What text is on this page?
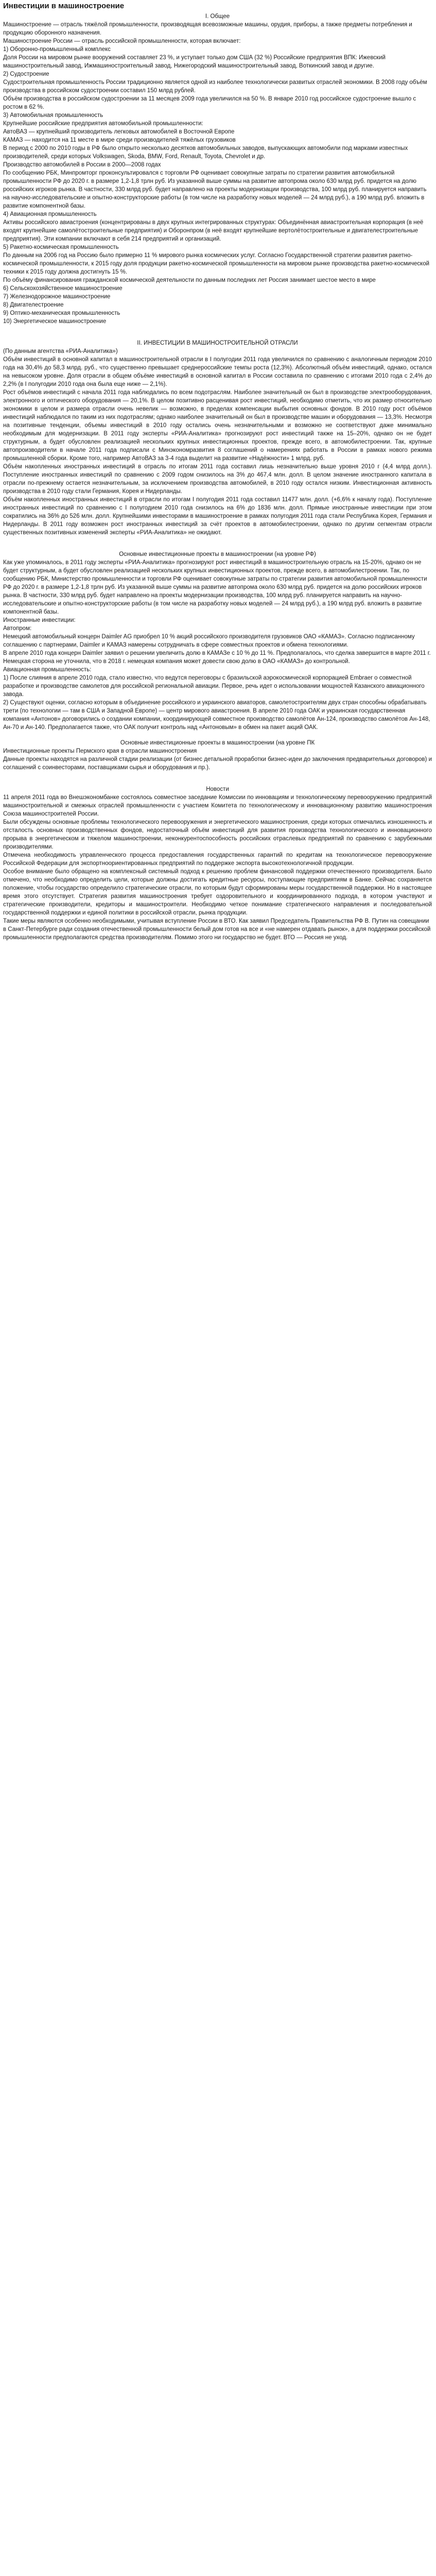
Инвестиции в машиностроение

I. Общее

Машиностроение — отрасль тяжёлой промышленности, производящая всевозможные машины, орудия, приборы, а также предметы потребления и продукцию оборонного назначения.

Машиностроение России — отрасль российской промышленности, которая включает:

1) Оборонно-промышленный комплекс

Доля России на мировом рынке вооружений составляет 23 %, и уступает только дом США (32 %) Российские предприятия ВПК: Ижевский машиностроительный завод, Ижмашиностроительный завод, Нижегородский машиностроительный завод, Воткинский завод и другие.

2) Судостроение

Судостроительная промышленность России традиционно является одной из наиболее технологически развитых отраслей экономики. В 2008 году объём производства в российском судостроении составил 150 млрд рублей.

Объём производства в российском судостроении за 11 месяцев 2009 года увеличился на 50 %. В январе 2010 год российское судостроение вышло с ростом в 62 %.

3) Автомобильная промышленность

Крупнейшие российские предприятия автомобильной промышленности:

АвтоВАЗ — крупнейший производитель легковых автомобилей в Восточной Европе

КАМАЗ — находится на 11 месте в мире среди производителей тяжёлых грузовиков

В период с 2000 по 2010 годы в РФ было открыто несколько десятков автомобильных заводов, выпускающих автомобили под марками известных производителей, среди которых Volkswagen, Skoda, BMW, Ford, Renault, Toyota, Chevrolet и др.

Производство автомобилей в России в 2000—2008 годах

По сообщению РБК, Минпромторг проконсультировался с торговли РФ оценивает совокупные затраты по стратегии развития автомобильной промышленности РФ до 2020 г. в размере 1,2-1,8 трлн руб. Из указанной выше суммы на развитие автопрома около 630 млрд руб. придется на долю российских игроков рынка. В частности, 330 млрд руб. будет направлено на проекты модернизации производства, 100 млрд руб. планируется направить на научно-исследовательские и опытно-конструкторские работы (в том числе на разработку новых моделей — 24 млрд руб.), а 190 млрд руб. вложить в развитие компонентной базы.

4) Авиационная промышленность

Активы российского авиастроения (концентрированы в двух крупных интегрированных структурах: Объединённая авиастроительная корпорация (в неё входят крупнейшие самолётостроительные предприятия) и Оборонпром (в неё входят крупнейшие вертолётостроительные и двигателестроительные предприятия). Эти компании включают в себя 214 предприятий и организаций.

5) Ракетно-космическая промышленность

По данным на 2006 год на Россию было примерно 11 % мирового рынка космических услуг. Согласно Государственной стратегии развития ракетно-космической промышленности, к 2015 году доля продукции ракетно-космической промышленности на мировом рынке производства ракетно-космической техники к 2015 году должна достигнуть 15 %.

По объёму финансирования гражданской космической деятельности по данным последних лет Россия занимает шестое место в мире

6) Сельскохозяйственное машиностроение

7) Железнодорожное машиностроение

8) Двигателестроение

9) Оптико-механическая промышленность

10) Энергетическое машиностроение

II. ИНВЕСТИЦИИ В МАШИНОСТРОИТЕЛЬНОЙ ОТРАСЛИ

(По данным агентства «РИА-Аналитика»)

Объём инвестиций в основной капитал в машиностроительной отрасли в I полугодии 2011 года увеличился по сравнению с аналогичным периодом 2010 года на 30,4% до 58,3 млрд. руб., что существенно превышает среднероссийские темпы роста (12,3%). Абсолютный объём инвестиций, однако, остался на невысоком уровне. Доля отрасли в общем объёме инвестиций в основной капитал в России составила по сравнению с итогами 2010 года с 2,4% до 2,2% (в I полугодии 2010 года она была еще ниже — 2,1%).

Рост объёмов инвестиций с начала 2011 года наблюдались по всем подотраслям. Наиболее значительный он был в производстве электрооборудования, электронного и оптического оборудования — 20,1%. В целом позитивно расценивая рост инвестиций, необходимо отметить, что их размер относительно экономики в целом и размера отрасли очень невелик — возможно, в пределах компенсации выбытия основных фондов. В 2010 году рост объёмов инвестиций наблюдался по таким из них подотраслям; однако наиболее значительный он был в производстве машин и оборудования — 13,3%. Несмотря на позитивные тенденции, объемы инвестиций в 2010 году остались очень незначительными и возможно не соответствуют даже минимально необходимым для модернизации. В 2011 году эксперты «РИА-Аналитика» прогнозируют рост инвестиций также на 15–20%, однако он не будет структурным, а будет обусловлен реализацией нескольких крупных инвестиционных проектов, прежде всего, в автомобилестроении. Так, крупные автопроизводители в начале 2011 года подписали с Минэкономразвития 8 соглашений о намерениях работать в России в рамках нового режима промышленной сборки. Кроме того, например АвтоВАЗ за 3-4 года выделит на развитие «Надёжности» 1 млрд. руб.

Объём накопленных иностранных инвестиций в отрасль по итогам 2011 года составил лишь незначительно выше уровня 2010 г (4,4 млрд долл.). Поступление иностранных инвестиций по сравнению с 2009 годом снизилось на 3% до 467,4 млн. долл. В целом значение иностранного капитала в отрасли по-прежнему остается незначительным, за исключением производства автомобилей, в 2010 году остался низким. Инвестиционная активность производства в 2010 году стали Германия, Корея и Нидерланды.

Объём накопленных иностранных инвестиций в отрасли по итогам I полугодия 2011 года составил 11477 млн. долл. (+6,6% к началу года). Поступление иностранных инвестиций по сравнению с I полугодием 2010 года снизилось на 6% до 1836 млн. долл. Прямые иностранные инвестиции при этом сократились на 36% до 526 млн. долл. Крупнейшими инвесторами в машиностроение в рамках полугодия 2011 года стали Республика Корея, Германия и Нидерланды. В 2011 году возможен рост иностранных инвестиций за счёт проектов в автомобилестроении, однако по другим сегментам отрасли существенных позитивных изменений эксперты «РИА-Аналитика» не ожидают.

Основные инвестиционные проекты в машиностроении (на уровне РФ)

Как уже упоминалось, в 2011 году эксперты «РИА-Аналитика» прогнозируют рост инвестиций в машиностроительную отрасль на 15-20%, однако он не будет структурным, а будет обусловлен реализацией нескольких крупных инвестиционных проектов, прежде всего, в автомобилестроении. Так, по сообщению РБК, Министерство промышленности и торговли РФ оценивает совокупные затраты по стратегии развития автомобильной промышленности РФ до 2020 г. в размере 1,2-1,8 трлн руб. Из указанной выше суммы на развитие автопрома около 630 млрд руб. придется на долю российских игроков рынка. В частности, 330 млрд руб. будет направлено на проекты модернизации производства, 100 млрд руб. планируется направить на научно-исследовательские и опытно-конструкторские работы (в том числе на разработку новых моделей — 24 млрд руб.), а 190 млрд руб. вложить в развитие компонентной базы.

Иностранные инвестиции:

Автопром:

Немецкий автомобильный концерн Daimler AG приобрел 10 % акций российского производителя грузовиков ОАО «КАМАЗ». Согласно подписанному соглашению с партнерами, Daimler и КАМАЗ намерены сотрудничать в сфере совместных проектов и обмена технологиями.

В апреле 2010 года концерн Daimler заявил о решении увеличить долю в КАМАЗе с 10 % до 11 %. Предполагалось, что сделка завершится в марте 2011 г. Немецкая сторона не уточнила, что в 2018 г. немецкая компания может довести свою долю в ОАО «КАМАЗ» до контрольной.

Авиационная промышленность:

1) После слияния в апреле 2010 года, стало известно, что ведутся переговоры с бразильской аэрокосмической корпорацией Embraer о совместной разработке и производстве самолетов для российской региональной авиации. Первое, речь идет о использовании мощностей Казанского авиационного завода.

2) Существуют оценки, согласно которым в объединение российского и украинского авиаторов, самолетостроителям двух стран способны обрабатывать трети (по технологии — там в США и Западной Европе) — центр мирового авиастроения. В апреле 2010 года ОАК и украинская государственная компания «Антонов» договорились о создании компании, координирующей совместное производство самолётов Ан-124, производство самолётов Ан-148, Ан-70 и Ан-140. Предполагается также, что ОАК получит контроль над «Антоновым» в обмен на пакет акций ОАК.

Основные инвестиционные проекты в машиностроении (на уровне ПК

Инвестиционные проекты Пермского края в отрасли машиностроения

Данные проекты находятся на различной стадии реализации (от бизнес детальной проработки бизнес-идеи до заключения предварительных договоров) и соглашений с соинвесторами, поставщиками сырья и оборудования и пр.).

Новости

11 апреля 2011 года во Внешэкономбанке состоялось совместное заседание Комиссии по инновациям и технологическому перевооружению предприятий машиностроительной и смежных отраслей промышленности с участием Комитета по технологическому и инновационному развитию машиностроения Союза машиностроителей России.

Были обсуждены основные проблемы технологического перевооружения и энергетического машиностроения, среди которых отмечались изношенность и отсталость основных производственных фондов, недостаточный объём инвестиций для развития производства технологического и инновационного прорыва в энергетическом и тяжелом машиностроении, неконкурентоспособность российских отраслевых предприятий по сравнению с зарубежными производителями.

Отмечена необходимость управленческого процесса предоставления государственных гарантий по кредитам на технологическое перевооружение Российской Федерации для экспортноориентированных предприятий по поддержке экспорта высокотехнологичной продукции.

Особое внимание было обращено на комплексный системный подход к решению проблем финансовой поддержки отечественного производителя. Было отмечено, что необходимо определить цели, которые должны достигать кредитные ресурсы, поступающие предприятиям в Банке. Сейчас сохраняется положение, чтобы государство определило стратегические отрасли, по которым будут сформированы меры государственной поддержки. Но в настоящее время этого отсутствует. Стратегия развития машиностроения требует оздоровительного и координированного подхода, в котором участвуют и стратегические производители, кредиторы и машиностроители. Необходимо четкое понимание стратегического направления и последовательной государственной поддержки и единой политики в российской отрасли, рынка продукции.

Такие меры являются особенно необходимыми, учитывая вступление России в ВТО. Как заявил Председатель Правительства РФ В. Путин на совещании в Санкт-Петербурге ради создания отечественной промышленности белый дом готов на все и «не намерен отдавать рынок», а для поддержки российской промышленности предполагаются средства производителям. Помимо этого ни государство не будет. ВТО — Россия не уход.
